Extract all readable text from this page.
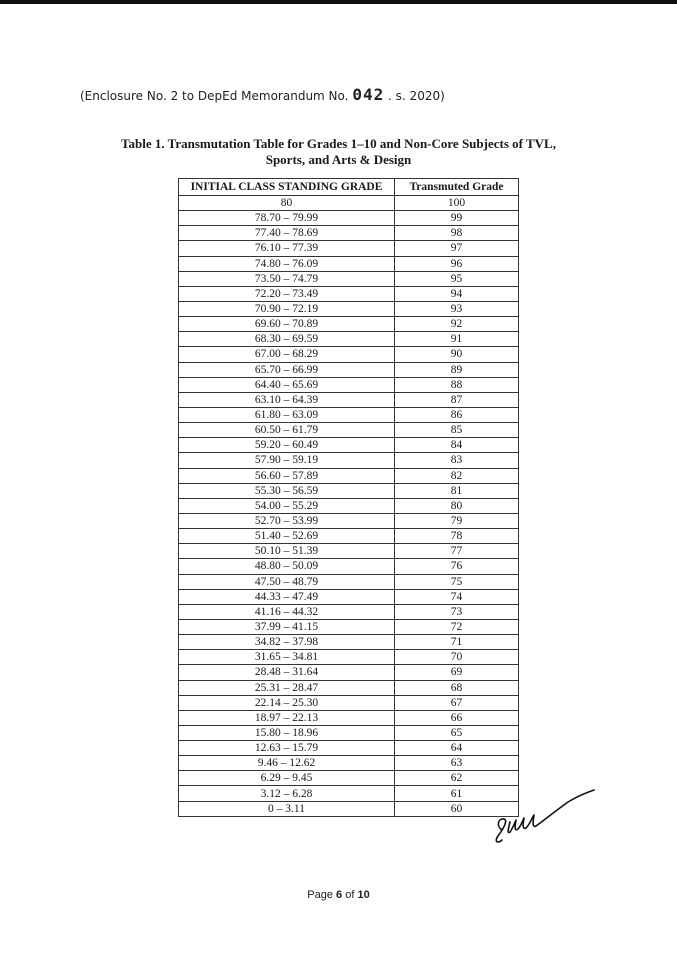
(Enclosure No. 2 to DepEd Memorandum No. 042 . s. 2020)
Table 1. Transmutation Table for Grades 1–10 and Non-Core Subjects of TVL,
Sports, and Arts & Design
INITIAL CLASS STANDING GRADE	Transmuted Grade
80	100
78.70 – 79.99	99
77.40 – 78.69	98
76.10 – 77.39	97
74.80 – 76.09	96
73.50 – 74.79	95
72.20 – 73.49	94
70.90 – 72.19	93
69.60 – 70.89	92
68.30 – 69.59	91
67.00 – 68.29	90
65.70 – 66.99	89
64.40 – 65.69	88
63.10 – 64.39	87
61.80 – 63.09	86
60.50 – 61.79	85
59.20 – 60.49	84
57.90 – 59.19	83
56.60 – 57.89	82
55.30 – 56.59	81
54.00 – 55.29	80
52.70 – 53.99	79
51.40 – 52.69	78
50.10 – 51.39	77
48.80 – 50.09	76
47.50 – 48.79	75
44.33 – 47.49	74
41.16 – 44.32	73
37.99 – 41.15	72
34.82 – 37.98	71
31.65 – 34.81	70
28.48 – 31.64	69
25.31 – 28.47	68
22.14 – 25.30	67
18.97 – 22.13	66
15.80 – 18.96	65
12.63 – 15.79	64
9.46 – 12.62	63
6.29 – 9.45	62
3.12 – 6.28	61
0 – 3.11	60
Page 6 of 10
